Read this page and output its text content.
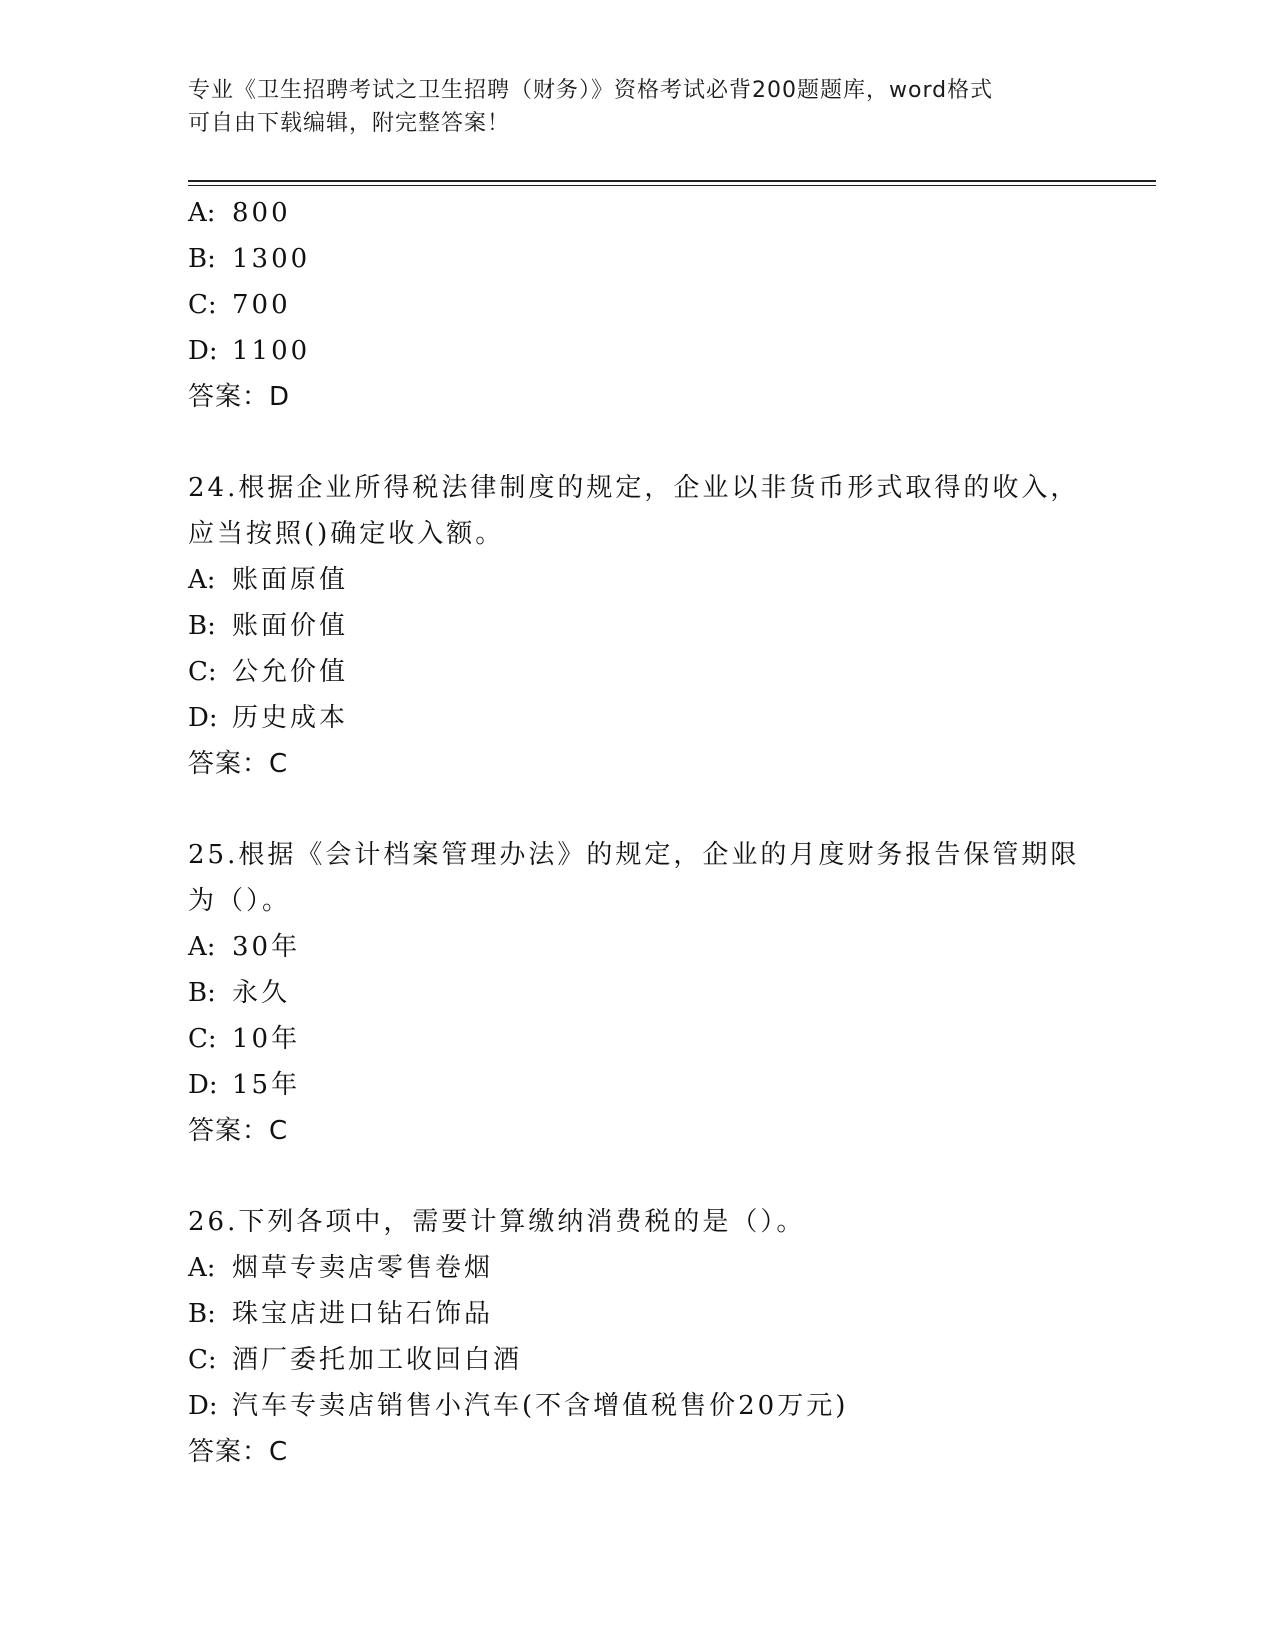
专业《卫生招聘考试之卫生招聘（财务）》资格考试必背200题题库，word格式
可自由下载编辑，附完整答案！
A: 800
B: 1300
C: 700
D: 1100
答案：D
24.根据企业所得税法律制度的规定，企业以非货币形式取得的收入，
应当按照()确定收入额。
A: 账面原值
B: 账面价值
C: 公允价值
D: 历史成本
答案：C
25.根据《会计档案管理办法》的规定，企业的月度财务报告保管期限
为（）。
A: 30年
B: 永久
C: 10年
D: 15年
答案：C
26.下列各项中，需要计算缴纳消费税的是（）。
A: 烟草专卖店零售卷烟
B: 珠宝店进口钻石饰品
C: 酒厂委托加工收回白酒
D: 汽车专卖店销售小汽车(不含增值税售价20万元)
答案：C
